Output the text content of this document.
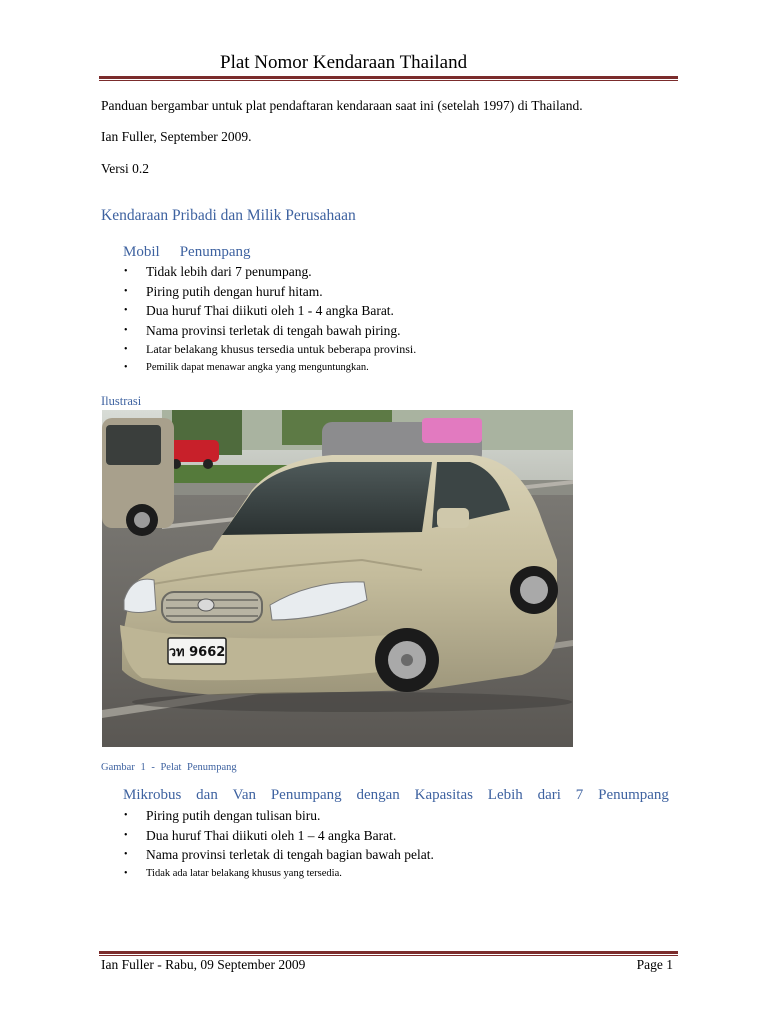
Plat Nomor Kendaraan Thailand
Panduan bergambar untuk plat pendaftaran kendaraan saat ini (setelah 1997) di Thailand.
Ian Fuller, September 2009.
Versi 0.2
Kendaraan Pribadi dan Milik Perusahaan
Mobil Penumpang
• Tidak lebih dari 7 penumpang.
• Piring putih dengan huruf hitam.
• Dua huruf Thai diikuti oleh 1 - 4 angka Barat.
• Nama provinsi terletak di tengah bawah piring.
• Latar belakang khusus tersedia untuk beberapa provinsi.
• Pemilik dapat menawar angka yang menguntungkan.
Ilustrasi
วท 9662
Gambar 1 - Pelat Penumpang
Mikrobus dan Van Penumpang dengan Kapasitas Lebih dari 7 Penumpang
• Piring putih dengan tulisan biru.
• Dua huruf Thai diikuti oleh 1 – 4 angka Barat.
• Nama provinsi terletak di tengah bagian bawah pelat.
• Tidak ada latar belakang khusus yang tersedia.
Ian Fuller - Rabu, 09 September 2009	Page 1
